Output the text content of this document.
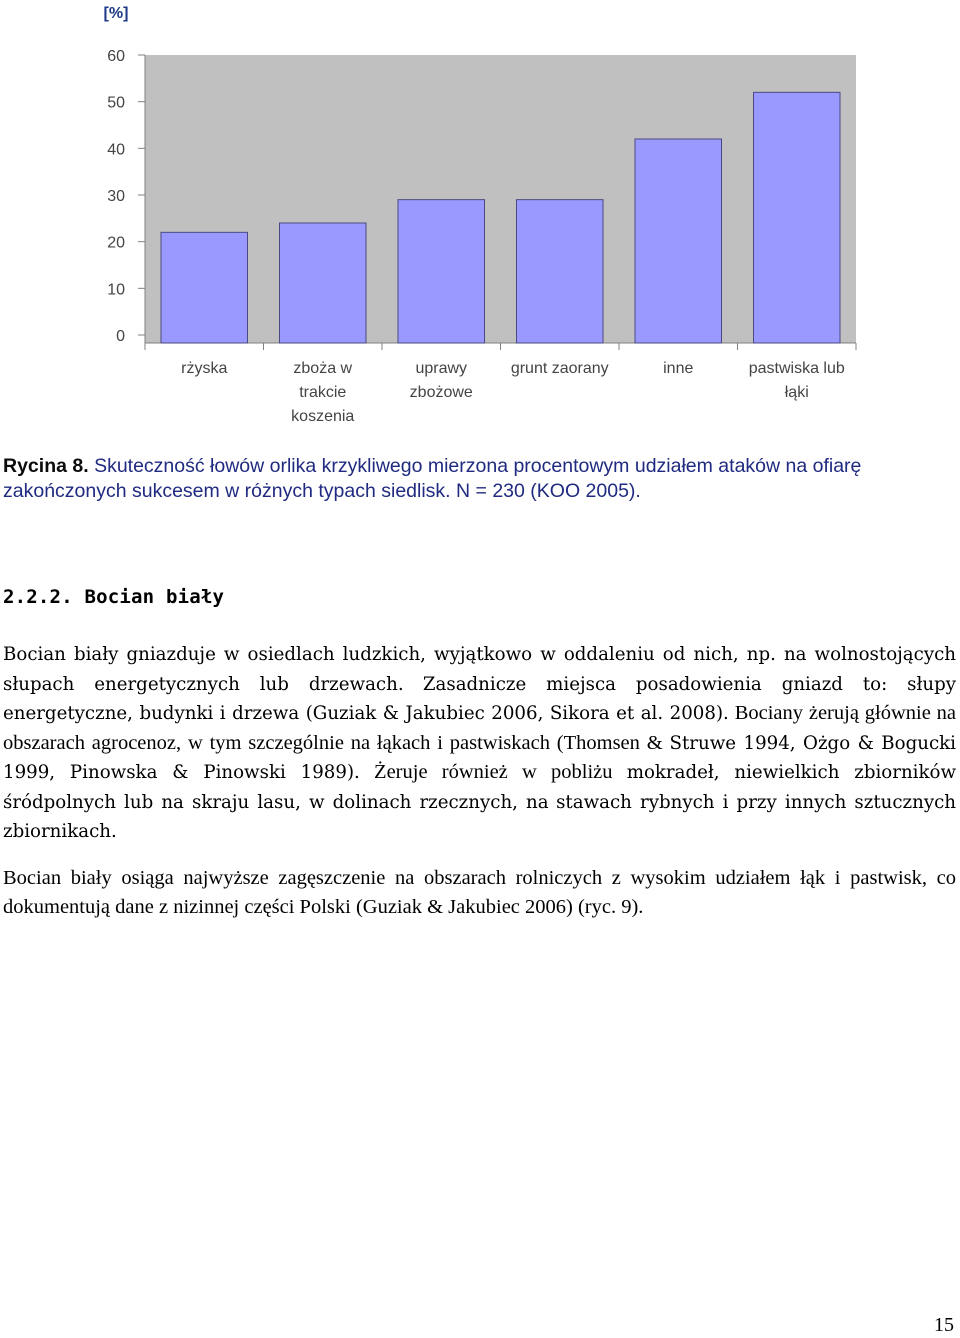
[%]
0
10
20
30
40
50
60
rżyska	zboża w trakcie koszenia
uprawy zbożowe
grunt zaorany	inne	pastwiska lub łąki
Rycina 8. Skuteczność łowów orlika krzykliwego mierzona procentowym udziałem ataków na ofiarę zakończonych sukcesem w różnych typach siedlisk. N = 230 (KOO 2005).
2.2.2. Bocian biały
Bocian biały gniazduje w osiedlach ludzkich, wyjątkowo w oddaleniu od nich, np. na wolnostojących słupach energetycznych lub drzewach. Zasadnicze miejsca posadowienia gniazd to: słupy energetyczne, budynki i drzewa (Guziak & Jakubiec 2006, Sikora et al. 2008). Bociany żerują głównie na obszarach agrocenoz, w tym szczególnie na łąkach i pastwiskach (Thomsen & Struwe 1994, Ożgo & Bogucki 1999, Pinowska & Pinowski 1989). Żeruje również w pobliżu mokradeł, niewielkich zbiorników śródpolnych lub na skraju lasu, w dolinach rzecznych, na stawach rybnych i przy innych sztucznych zbiornikach.
Bocian biały osiąga najwyższe zagęszczenie na obszarach rolniczych z wysokim udziałem łąk i pastwisk, co dokumentują dane z nizinnej części Polski (Guziak & Jakubiec 2006) (ryc. 9).
15
